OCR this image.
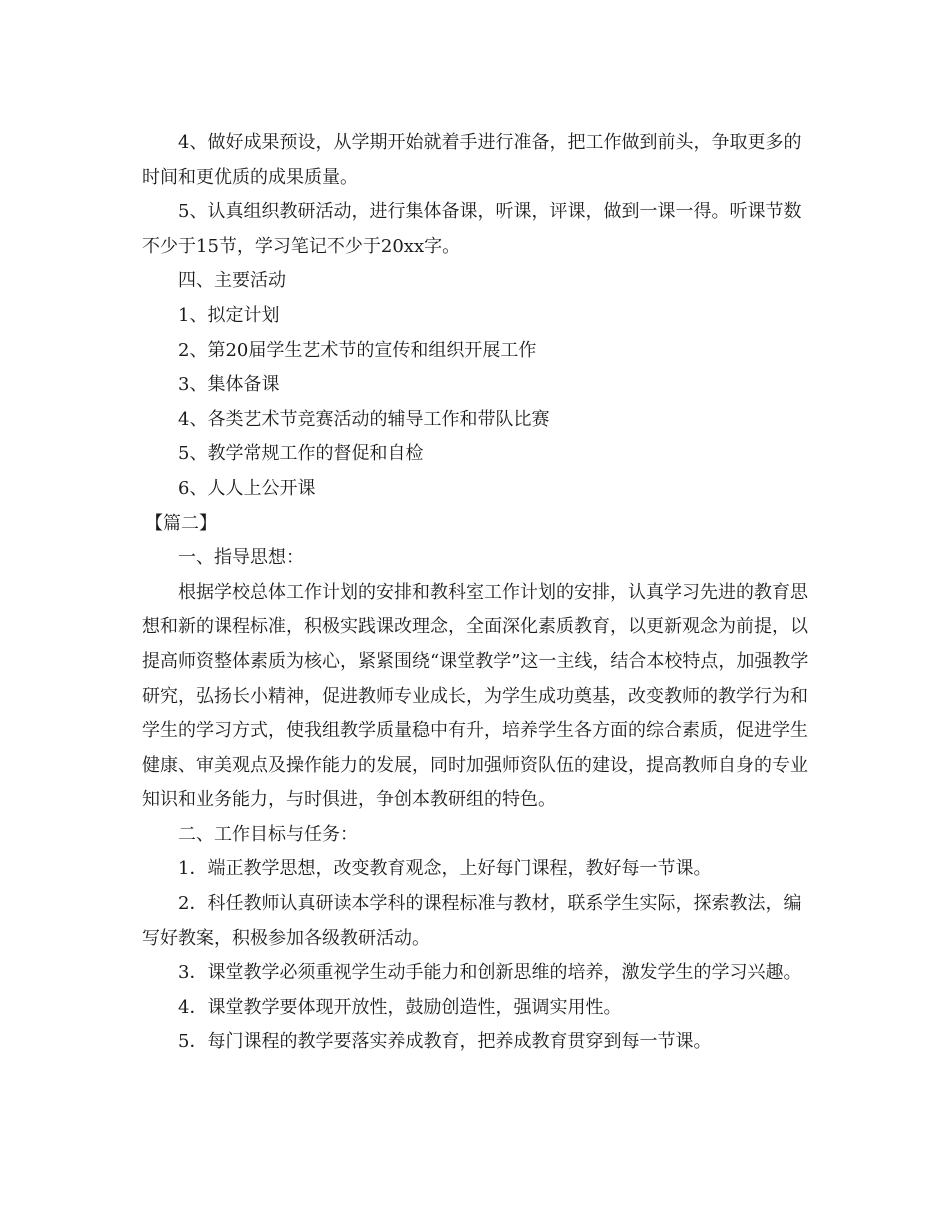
4、做好成果预设，从学期开始就着手进行准备，把工作做到前头，争取更多的时间和更优质的成果质量。

5、认真组织教研活动，进行集体备课，听课，评课，做到一课一得。听课节数不少于15节，学习笔记不少于20xx字。

四、主要活动

1、拟定计划

2、第20届学生艺术节的宣传和组织开展工作

3、集体备课

4、各类艺术节竞赛活动的辅导工作和带队比赛

5、教学常规工作的督促和自检

6、人人上公开课

【篇二】

一、指导思想：

根据学校总体工作计划的安排和教科室工作计划的安排，认真学习先进的教育思想和新的课程标准，积极实践课改理念，全面深化素质教育，以更新观念为前提，以提高师资整体素质为核心，紧紧围绕“课堂教学”这一主线，结合本校特点，加强教学研究，弘扬长小精神，促进教师专业成长，为学生成功奠基，改变教师的教学行为和学生的学习方式，使我组教学质量稳中有升，培养学生各方面的综合素质，促进学生健康、审美观点及操作能力的发展，同时加强师资队伍的建设，提高教师自身的专业知识和业务能力，与时俱进，争创本教研组的特色。

二、工作目标与任务：

1．端正教学思想，改变教育观念，上好每门课程，教好每一节课。

2．科任教师认真研读本学科的课程标准与教材，联系学生实际，探索教法，编写好教案，积极参加各级教研活动。

3．课堂教学必须重视学生动手能力和创新思维的培养，激发学生的学习兴趣。

4．课堂教学要体现开放性，鼓励创造性，强调实用性。

5．每门课程的教学要落实养成教育，把养成教育贯穿到每一节课。
